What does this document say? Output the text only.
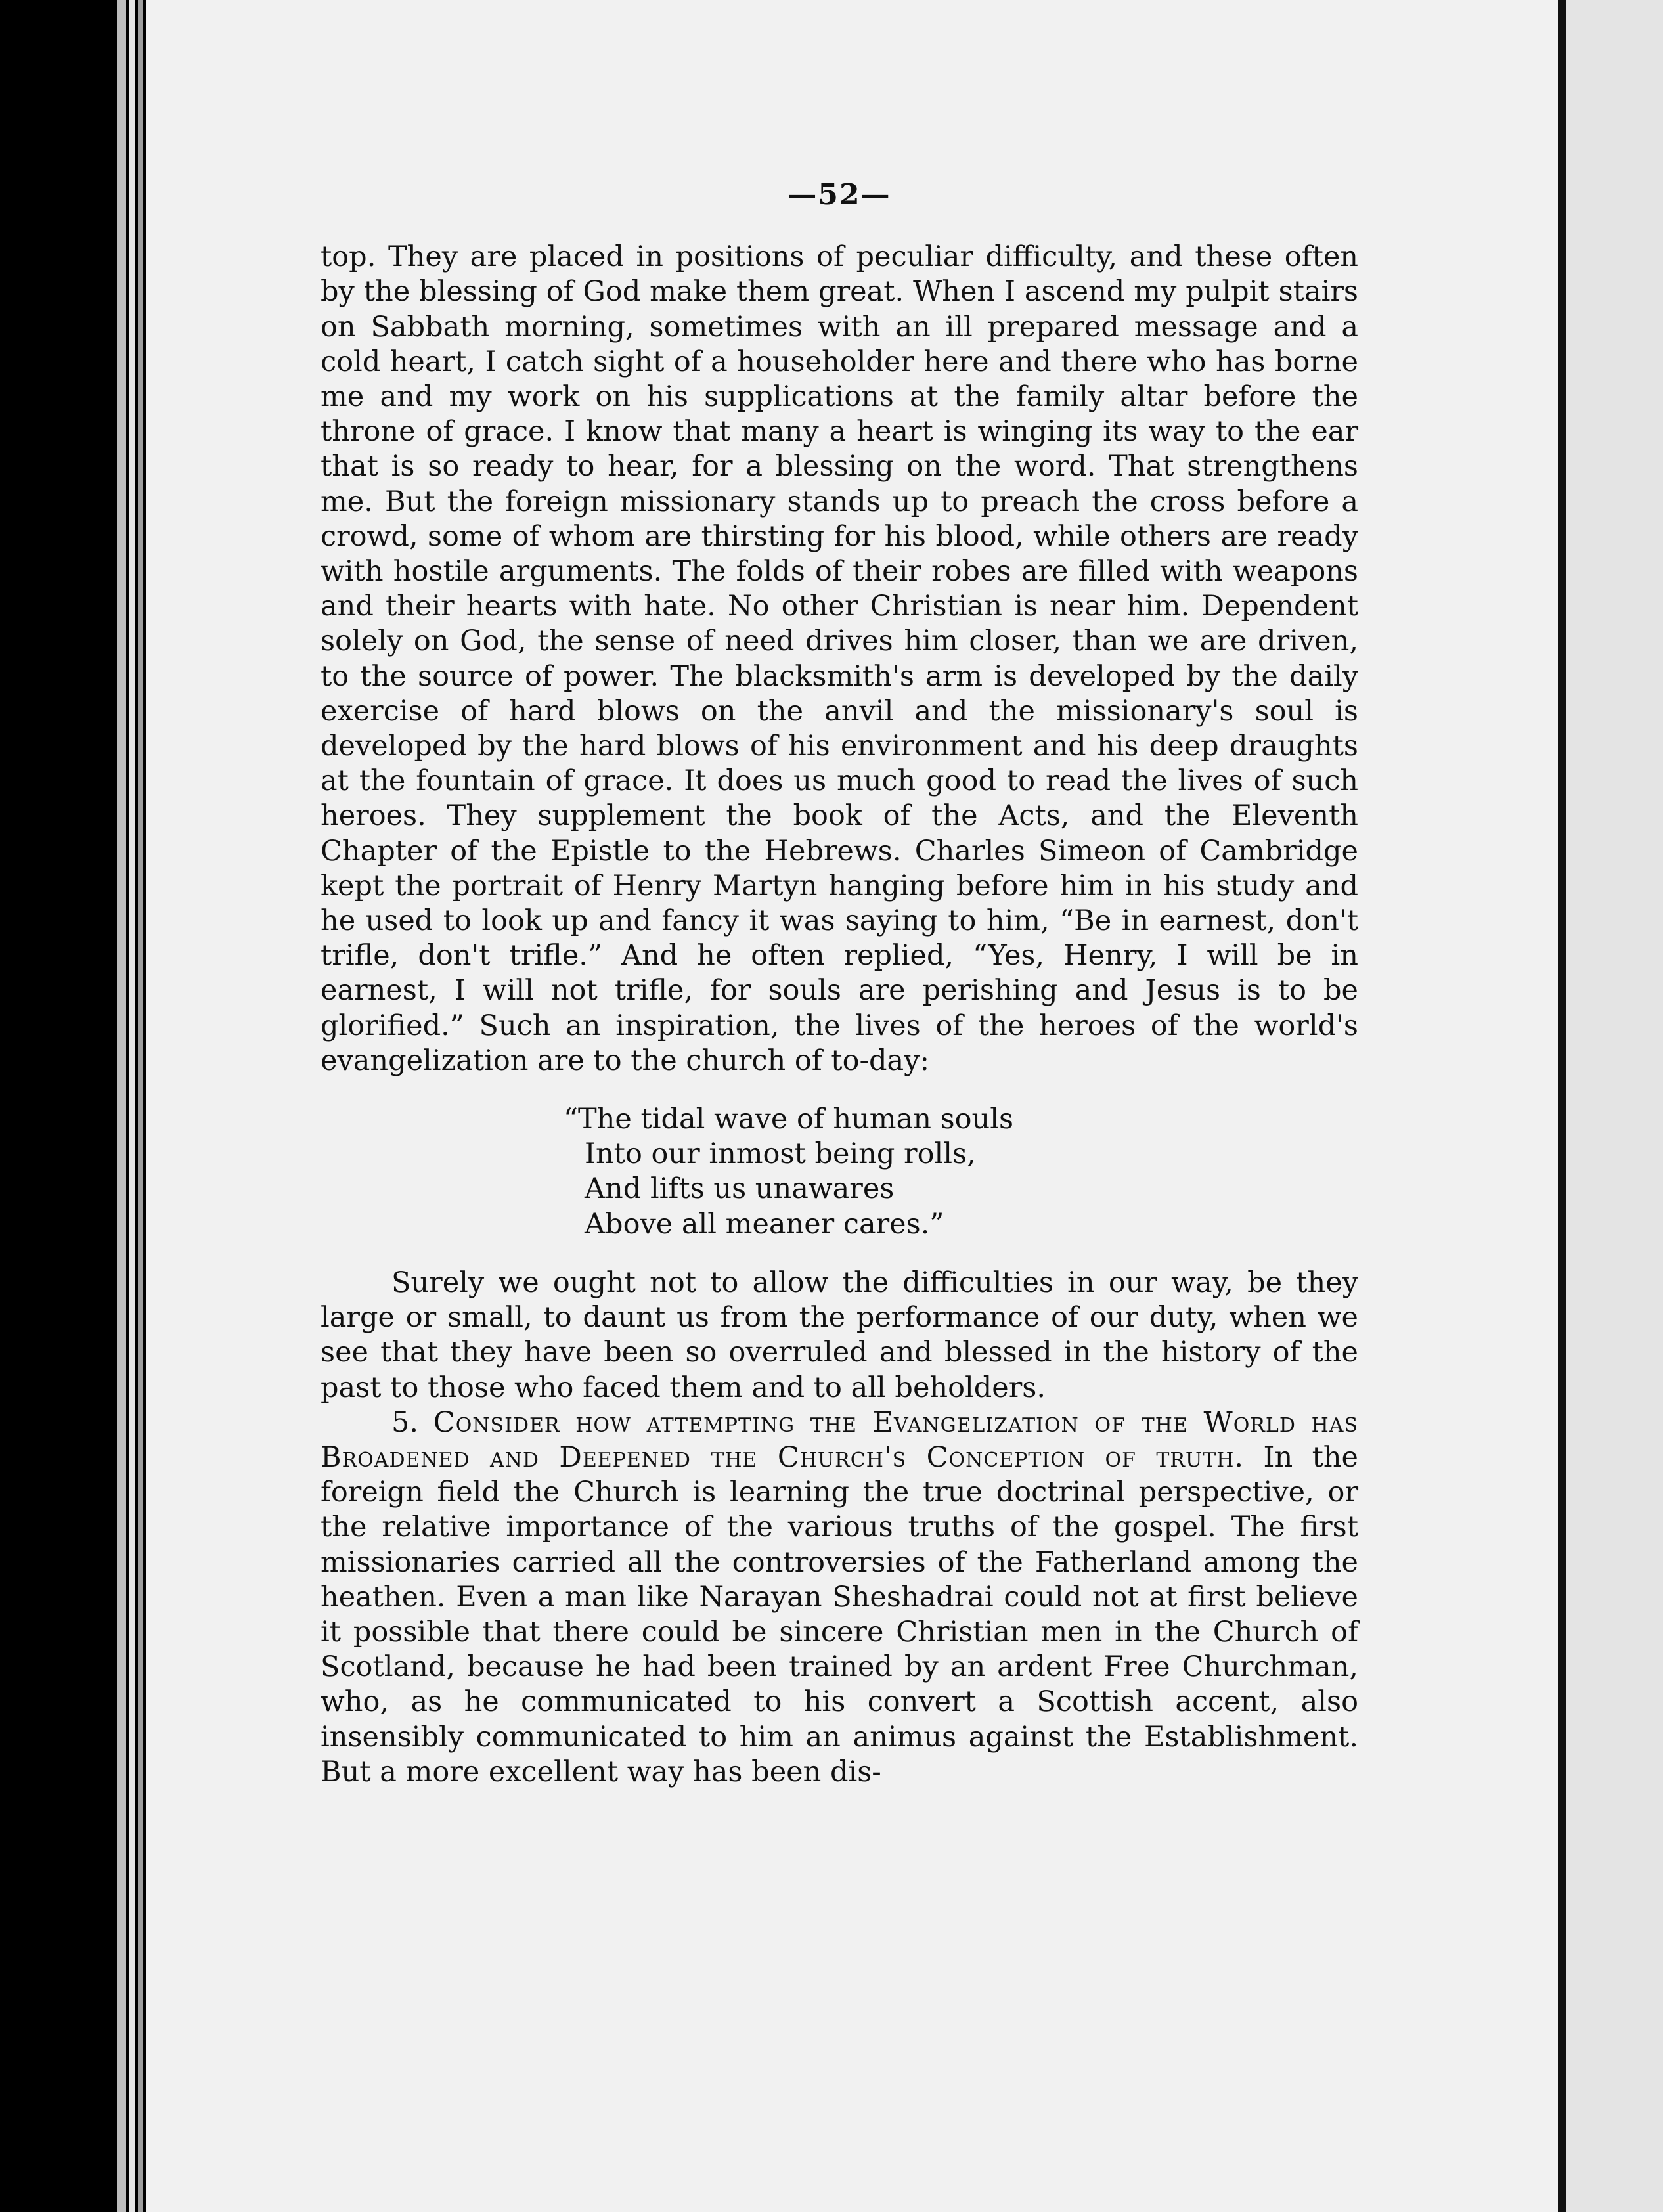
—52—

top. They are placed in positions of peculiar difficulty, and these often by the blessing of God make them great. When I ascend my pulpit stairs on Sabbath morning, sometimes with an ill prepared message and a cold heart, I catch sight of a householder here and there who has borne me and my work on his supplications at the family altar before the throne of grace. I know that many a heart is winging its way to the ear that is so ready to hear, for a blessing on the word. That strengthens me. But the foreign missionary stands up to preach the cross before a crowd, some of whom are thirsting for his blood, while others are ready with hostile arguments. The folds of their robes are filled with weapons and their hearts with hate. No other Christian is near him. Dependent solely on God, the sense of need drives him closer, than we are driven, to the source of power. The blacksmith's arm is developed by the daily exercise of hard blows on the anvil and the missionary's soul is developed by the hard blows of his environment and his deep draughts at the fountain of grace. It does us much good to read the lives of such heroes. They supplement the book of the Acts, and the Eleventh Chapter of the Epistle to the Hebrews. Charles Simeon of Cambridge kept the portrait of Henry Martyn hanging before him in his study and he used to look up and fancy it was saying to him, “Be in earnest, don't trifle, don't trifle.” And he often replied, “Yes, Henry, I will be in earnest, I will not trifle, for souls are perishing and Jesus is to be glorified.” Such an inspiration, the lives of the heroes of the world's evangelization are to the church of to-day:

“The tidal wave of human souls
Into our inmost being rolls,
And lifts us unawares
Above all meaner cares.”

Surely we ought not to allow the difficulties in our way, be they large or small, to daunt us from the performance of our duty, when we see that they have been so overruled and blessed in the history of the past to those who faced them and to all beholders.

5. Consider how attempting the Evangelization of the World has Broadened and Deepened the Church's Conception of truth. In the foreign field the Church is learning the true doctrinal perspective, or the relative importance of the various truths of the gospel. The first missionaries carried all the controversies of the Fatherland among the heathen. Even a man like Narayan Sheshadrai could not at first believe it possible that there could be sincere Christian men in the Church of Scotland, because he had been trained by an ardent Free Churchman, who, as he communicated to his convert a Scottish accent, also insensibly communicated to him an animus against the Establishment. But a more excellent way has been dis-
